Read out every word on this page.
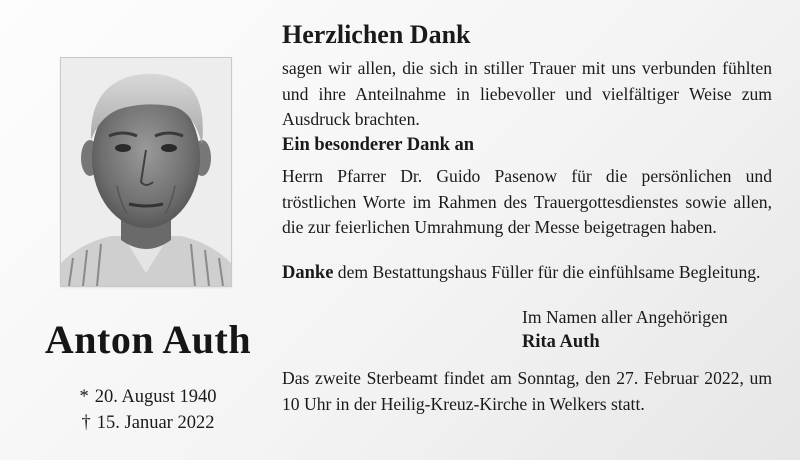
Anton Auth
* 20. August 1940
† 15. Januar 2022
Herzlichen Dank
sagen wir allen, die sich in stiller Trauer mit uns verbunden fühlten und ihre Anteilnahme in liebevoller und vielfältiger Weise zum Ausdruck brachten.
Ein besonderer Dank an
Herrn Pfarrer Dr. Guido Pasenow für die persönlichen und tröstlichen Worte im Rahmen des Trauergottesdienstes sowie allen, die zur feierlichen Umrahmung der Messe beigetragen haben.
Danke dem Bestattungshaus Füller für die einfühlsame Begleitung.
Im Namen aller Angehörigen
Rita Auth
Das zweite Sterbeamt findet am Sonntag, den 27. Februar 2022, um 10 Uhr in der Heilig-Kreuz-Kirche in Welkers statt.
